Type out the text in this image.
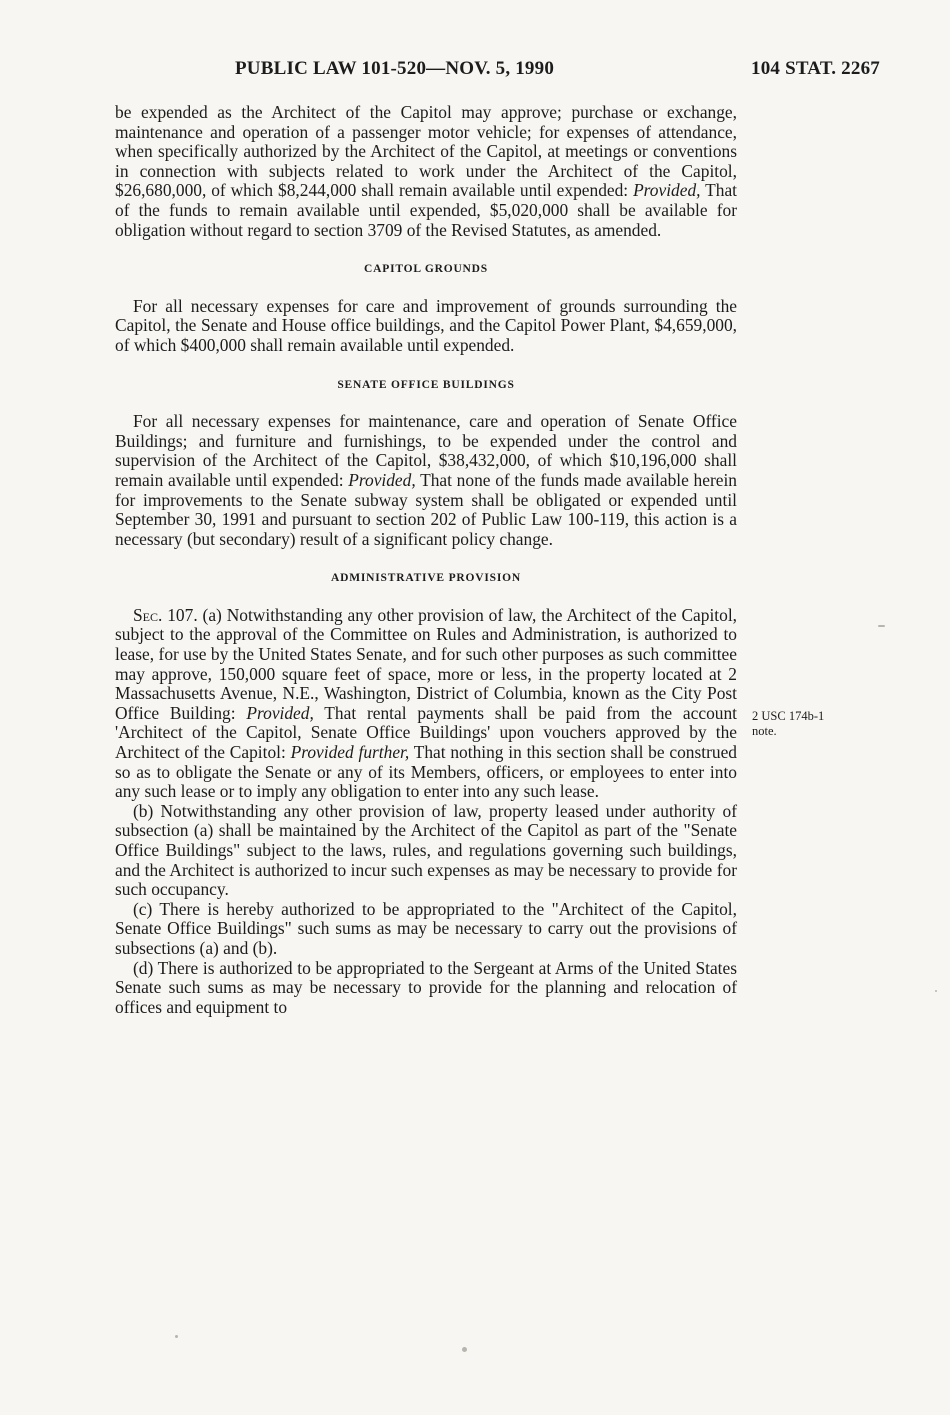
PUBLIC LAW 101-520—NOV. 5, 1990	104 STAT. 2267

be expended as the Architect of the Capitol may approve; purchase or exchange, maintenance and operation of a passenger motor vehicle; for expenses of attendance, when specifically authorized by the Architect of the Capitol, at meetings or conventions in connection with subjects related to work under the Architect of the Capitol, $26,680,000, of which $8,244,000 shall remain available until expended: Provided, That of the funds to remain available until expended, $5,020,000 shall be available for obligation without regard to section 3709 of the Revised Statutes, as amended.

CAPITOL GROUNDS

For all necessary expenses for care and improvement of grounds surrounding the Capitol, the Senate and House office buildings, and the Capitol Power Plant, $4,659,000, of which $400,000 shall remain available until expended.

SENATE OFFICE BUILDINGS

For all necessary expenses for maintenance, care and operation of Senate Office Buildings; and furniture and furnishings, to be expended under the control and supervision of the Architect of the Capitol, $38,432,000, of which $10,196,000 shall remain available until expended: Provided, That none of the funds made available herein for improvements to the Senate subway system shall be obligated or expended until September 30, 1991 and pursuant to section 202 of Public Law 100-119, this action is a necessary (but secondary) result of a significant policy change.

ADMINISTRATIVE PROVISION

Sec. 107. (a) Notwithstanding any other provision of law, the Architect of the Capitol, subject to the approval of the Committee on Rules and Administration, is authorized to lease, for use by the United States Senate, and for such other purposes as such committee may approve, 150,000 square feet of space, more or less, in the property located at 2 Massachusetts Avenue, N.E., Washington, District of Columbia, known as the City Post Office Building: Provided, That rental payments shall be paid from the account 'Architect of the Capitol, Senate Office Buildings' upon vouchers approved by the Architect of the Capitol: Provided further, That nothing in this section shall be construed so as to obligate the Senate or any of its Members, officers, or employees to enter into any such lease or to imply any obligation to enter into any such lease.

(b) Notwithstanding any other provision of law, property leased under authority of subsection (a) shall be maintained by the Architect of the Capitol as part of the "Senate Office Buildings" subject to the laws, rules, and regulations governing such buildings, and the Architect is authorized to incur such expenses as may be necessary to provide for such occupancy.

(c) There is hereby authorized to be appropriated to the "Architect of the Capitol, Senate Office Buildings" such sums as may be necessary to carry out the provisions of subsections (a) and (b).

(d) There is authorized to be appropriated to the Sergeant at Arms of the United States Senate such sums as may be necessary to provide for the planning and relocation of offices and equipment to

2 USC 174b-1
note.
